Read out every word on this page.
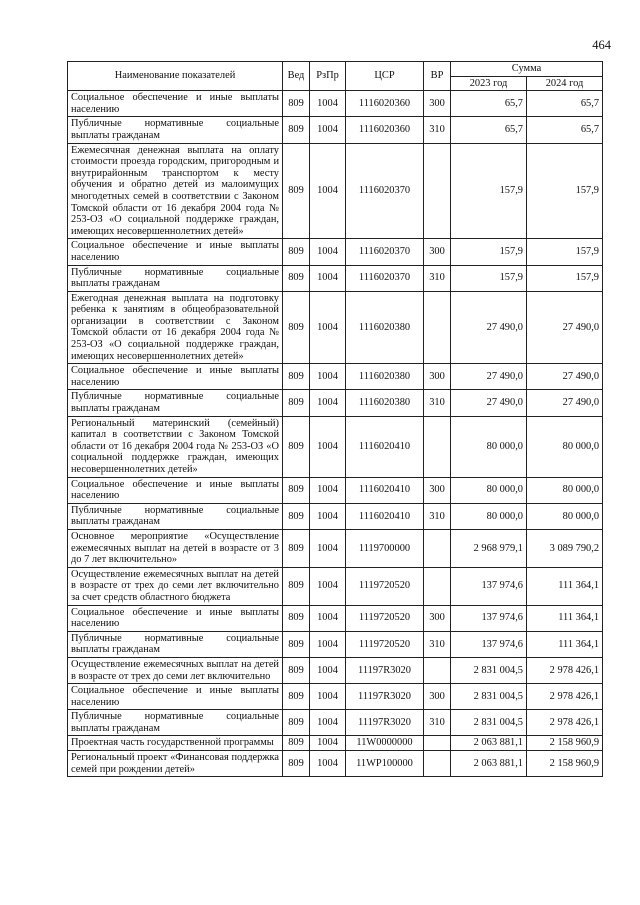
464
Наименование показателей	Вед	РзПр	ЦСР	ВР	Сумма	
					2023 год	2024 год
Социальное обеспечение и иные выплаты населению	809	1004	1116020360	300	65,7	65,7
Публичные нормативные социальные выплаты гражданам	809	1004	1116020360	310	65,7	65,7
Ежемесячная денежная выплата на оплату стоимости проезда городским, пригородным и внутрирайонным транспортом к месту обучения и обратно детей из малоимущих многодетных семей в соответствии с Законом Томской области от 16 декабря 2004 года № 253-ОЗ «О социальной поддержке граждан, имеющих несовершеннолетних детей»	809	1004	1116020370		157,9	157,9
Социальное обеспечение и иные выплаты населению	809	1004	1116020370	300	157,9	157,9
Публичные нормативные социальные выплаты гражданам	809	1004	1116020370	310	157,9	157,9
Ежегодная денежная выплата на подготовку ребенка к занятиям в общеобразовательной организации в соответствии с Законом Томской области от 16 декабря 2004 года № 253-ОЗ «О социальной поддержке граждан, имеющих несовершеннолетних детей»	809	1004	1116020380		27 490,0	27 490,0
Социальное обеспечение и иные выплаты населению	809	1004	1116020380	300	27 490,0	27 490,0
Публичные нормативные социальные выплаты гражданам	809	1004	1116020380	310	27 490,0	27 490,0
Региональный материнский (семейный) капитал в соответствии с Законом Томской области от 16 декабря 2004 года № 253-ОЗ «О социальной поддержке граждан, имеющих несовершеннолетних детей»	809	1004	1116020410		80 000,0	80 000,0
Социальное обеспечение и иные выплаты населению	809	1004	1116020410	300	80 000,0	80 000,0
Публичные нормативные социальные выплаты гражданам	809	1004	1116020410	310	80 000,0	80 000,0
Основное мероприятие «Осуществление ежемесячных выплат на детей в возрасте от 3 до 7 лет включительно»	809	1004	1119700000		2 968 979,1	3 089 790,2
Осуществление ежемесячных выплат на детей в возрасте от трех до семи лет включительно за счет средств областного бюджета	809	1004	1119720520		137 974,6	111 364,1
Социальное обеспечение и иные выплаты населению	809	1004	1119720520	300	137 974,6	111 364,1
Публичные нормативные социальные выплаты гражданам	809	1004	1119720520	310	137 974,6	111 364,1
Осуществление ежемесячных выплат на детей в возрасте от трех до семи лет включительно	809	1004	11197R3020		2 831 004,5	2 978 426,1
Социальное обеспечение и иные выплаты населению	809	1004	11197R3020	300	2 831 004,5	2 978 426,1
Публичные нормативные социальные выплаты гражданам	809	1004	11197R3020	310	2 831 004,5	2 978 426,1
Проектная часть государственной программы	809	1004	11W0000000		2 063 881,1	2 158 960,9
Региональный проект «Финансовая поддержка семей при рождении детей»	809	1004	11WP100000		2 063 881,1	2 158 960,9
